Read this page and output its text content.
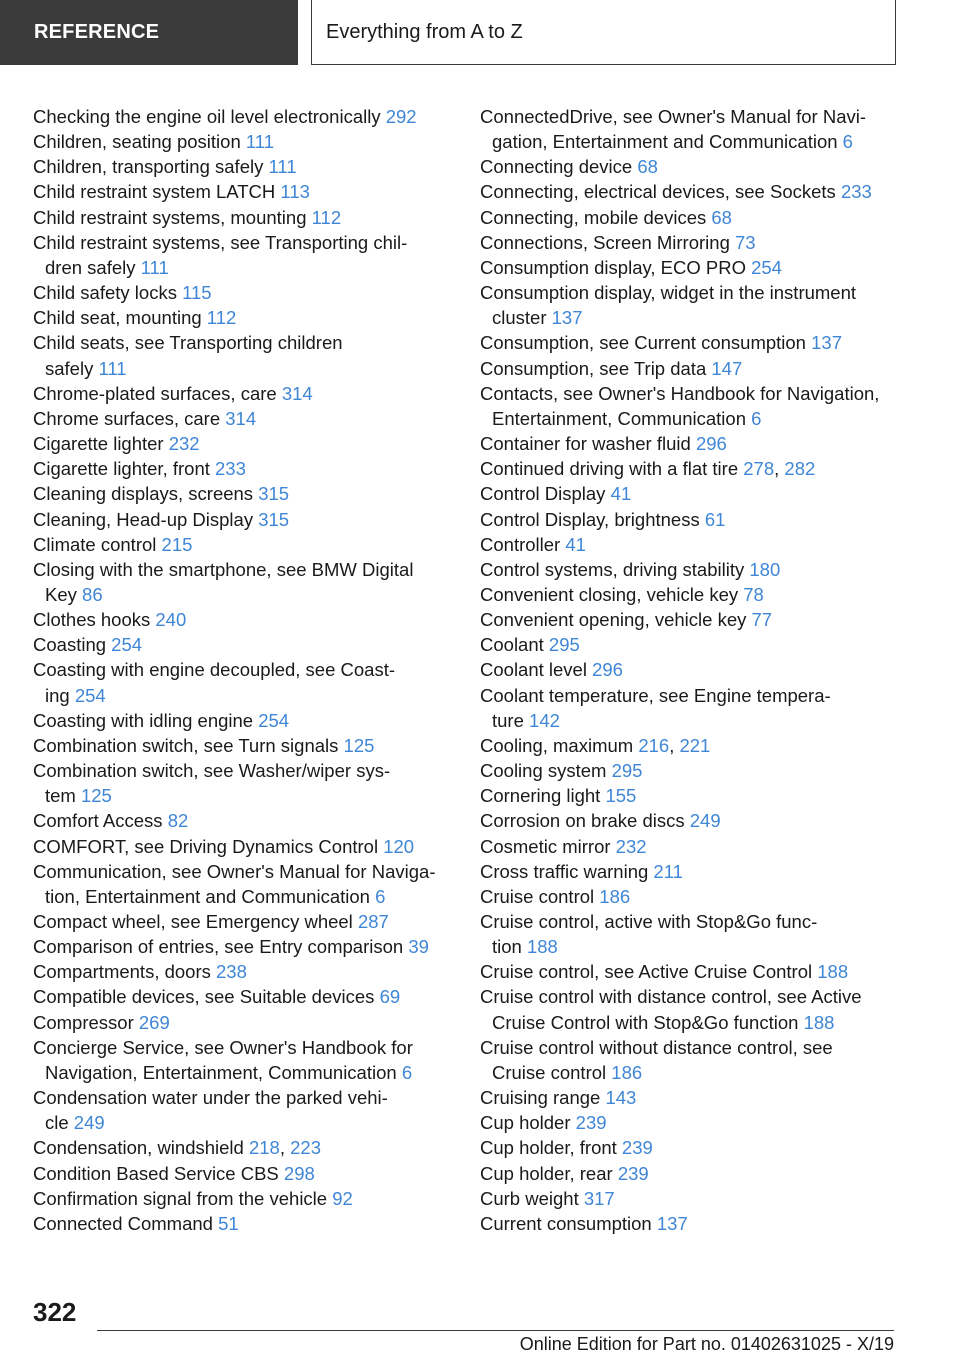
REFERENCE	Everything from A to Z
Checking the engine oil level electronically 292
Children, seating position 111
Children, transporting safely 111
Child restraint system LATCH 113
Child restraint systems, mounting 112
Child restraint systems, see Transporting chil-
dren safely 111
Child safety locks 115
Child seat, mounting 112
Child seats, see Transporting children
safely 111
Chrome-plated surfaces, care 314
Chrome surfaces, care 314
Cigarette lighter 232
Cigarette lighter, front 233
Cleaning displays, screens 315
Cleaning, Head-up Display 315
Climate control 215
Closing with the smartphone, see BMW Digital
Key 86
Clothes hooks 240
Coasting 254
Coasting with engine decoupled, see Coast-
ing 254
Coasting with idling engine 254
Combination switch, see Turn signals 125
Combination switch, see Washer/wiper sys-
tem 125
Comfort Access 82
COMFORT, see Driving Dynamics Control 120
Communication, see Owner's Manual for Naviga-
tion, Entertainment and Communication 6
Compact wheel, see Emergency wheel 287
Comparison of entries, see Entry comparison 39
Compartments, doors 238
Compatible devices, see Suitable devices 69
Compressor 269
Concierge Service, see Owner's Handbook for
Navigation, Entertainment, Communication 6
Condensation water under the parked vehi-
cle 249
Condensation, windshield 218, 223
Condition Based Service CBS 298
Confirmation signal from the vehicle 92
Connected Command 51
ConnectedDrive, see Owner's Manual for Navi-
gation, Entertainment and Communication 6
Connecting device 68
Connecting, electrical devices, see Sockets 233
Connecting, mobile devices 68
Connections, Screen Mirroring 73
Consumption display, ECO PRO 254
Consumption display, widget in the instrument
cluster 137
Consumption, see Current consumption 137
Consumption, see Trip data 147
Contacts, see Owner's Handbook for Navigation,
Entertainment, Communication 6
Container for washer fluid 296
Continued driving with a flat tire 278, 282
Control Display 41
Control Display, brightness 61
Controller 41
Control systems, driving stability 180
Convenient closing, vehicle key 78
Convenient opening, vehicle key 77
Coolant 295
Coolant level 296
Coolant temperature, see Engine tempera-
ture 142
Cooling, maximum 216, 221
Cooling system 295
Cornering light 155
Corrosion on brake discs 249
Cosmetic mirror 232
Cross traffic warning 211
Cruise control 186
Cruise control, active with Stop&Go func-
tion 188
Cruise control, see Active Cruise Control 188
Cruise control with distance control, see Active
Cruise Control with Stop&Go function 188
Cruise control without distance control, see
Cruise control 186
Cruising range 143
Cup holder 239
Cup holder, front 239
Cup holder, rear 239
Curb weight 317
Current consumption 137
322
Online Edition for Part no. 01402631025 - X/19
